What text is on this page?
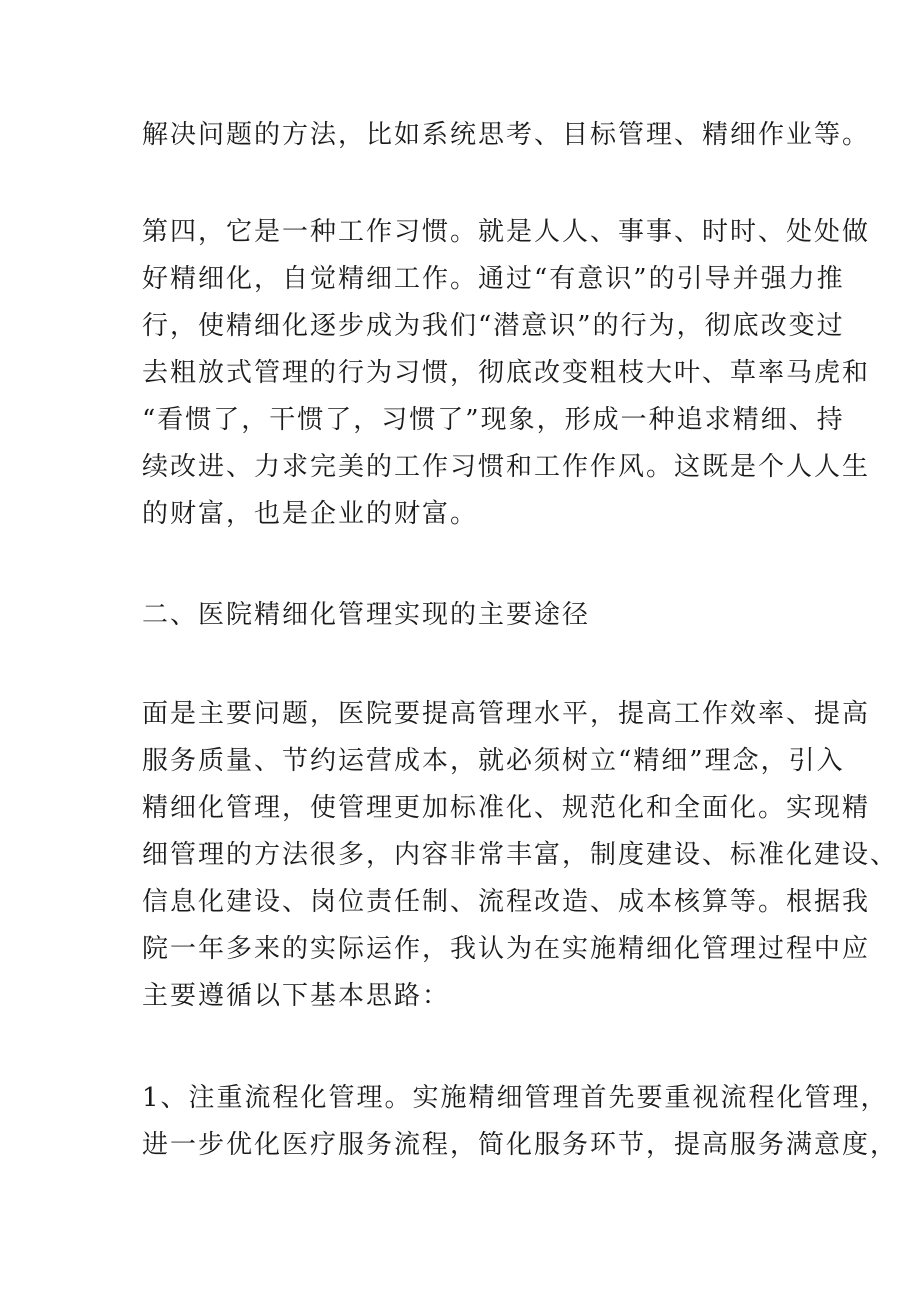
解决问题的方法，比如系统思考、目标管理、精细作业等。

第四，它是一种工作习惯。就是人人、事事、时时、处处做

好精细化，自觉精细工作。通过“有意识”的引导并强力推

行，使精细化逐步成为我们“潜意识”的行为，彻底改变过

去粗放式管理的行为习惯，彻底改变粗枝大叶、草率马虎和

“看惯了，干惯了，习惯了”现象，形成一种追求精细、持

续改进、力求完美的工作习惯和工作作风。这既是个人人生

的财富，也是企业的财富。

二、医院精细化管理实现的主要途径

面是主要问题，医院要提高管理水平，提高工作效率、提高

服务质量、节约运营成本，就必须树立“精细”理念，引入

精细化管理，使管理更加标准化、规范化和全面化。实现精

细管理的方法很多，内容非常丰富，制度建设、标准化建设、

信息化建设、岗位责任制、流程改造、成本核算等。根据我

院一年多来的实际运作，我认为在实施精细化管理过程中应

主要遵循以下基本思路：

1、注重流程化管理。实施精细管理首先要重视流程化管理，

进一步优化医疗服务流程，简化服务环节，提高服务满意度，
